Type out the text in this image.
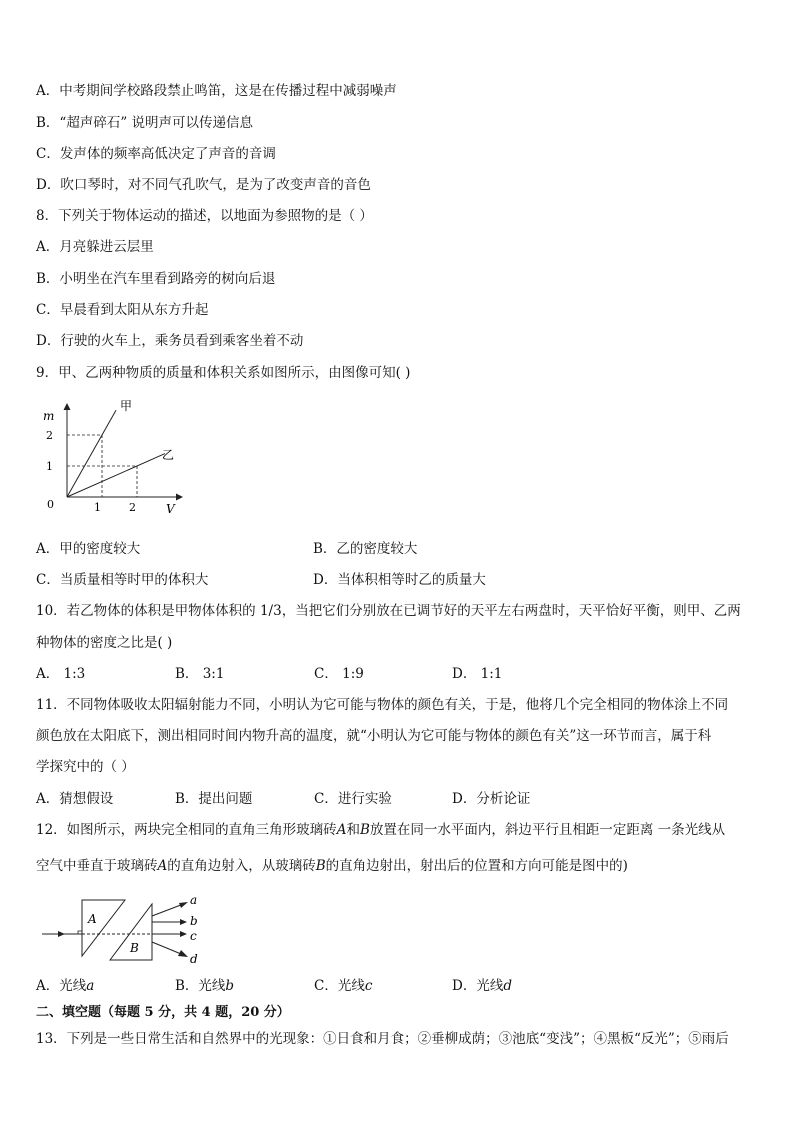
A．中考期间学校路段禁止鸣笛，这是在传播过程中减弱噪声
B．“超声碎石” 说明声可以传递信息
C．发声体的频率高低决定了声音的音调
D．吹口琴时，对不同气孔吹气，是为了改变声音的音色
8．下列关于物体运动的描述，以地面为参照物的是（ ）
A．月亮躲进云层里
B．小明坐在汽车里看到路旁的树向后退
C．早晨看到太阳从东方升起
D．行驶的火车上，乘务员看到乘客坐着不动
9．甲、乙两种物质的质量和体积关系如图所示，由图像可知( )
m
V
0
2
1
1	2
甲
乙
A．甲的密度较大	B．乙的密度较大
C．当质量相等时甲的体积大	D．当体积相等时乙的质量大
10．若乙物体的体积是甲物体体积的 1/3，当把它们分别放在已调节好的天平左右两盘时，天平恰好平衡，则甲、乙两
种物体的密度之比是( )
A． 1:3	B． 3:1	C． 1:9	D． 1:1
11．不同物体吸收太阳辐射能力不同，小明认为它可能与物体的颜色有关，于是，他将几个完全相同的物体涂上不同
颜色放在太阳底下，测出相同时间内物升高的温度，就“小明认为它可能与物体的颜色有关”这一环节而言，属于科
学探究中的（ ）
A．猜想假设	B．提出问题	C．进行实验	D．分析论证
12．如图所示，两块完全相同的直角三角形玻璃砖A和B放置在同一水平面内，斜边平行且相距一定距离 一条光线从
空气中垂直于玻璃砖A的直角边射入，从玻璃砖B的直角边射出，射出后的位置和方向可能是图中的)
A
B
a
b
c
d
A．光线a	B．光线b	C．光线c	D．光线d
二、填空题（每题 5 分，共 4 题，20 分）
13．下列是一些日常生活和自然界中的光现象：①日食和月食；②垂柳成荫；③池底“变浅”；④黑板“反光”；⑤雨后
